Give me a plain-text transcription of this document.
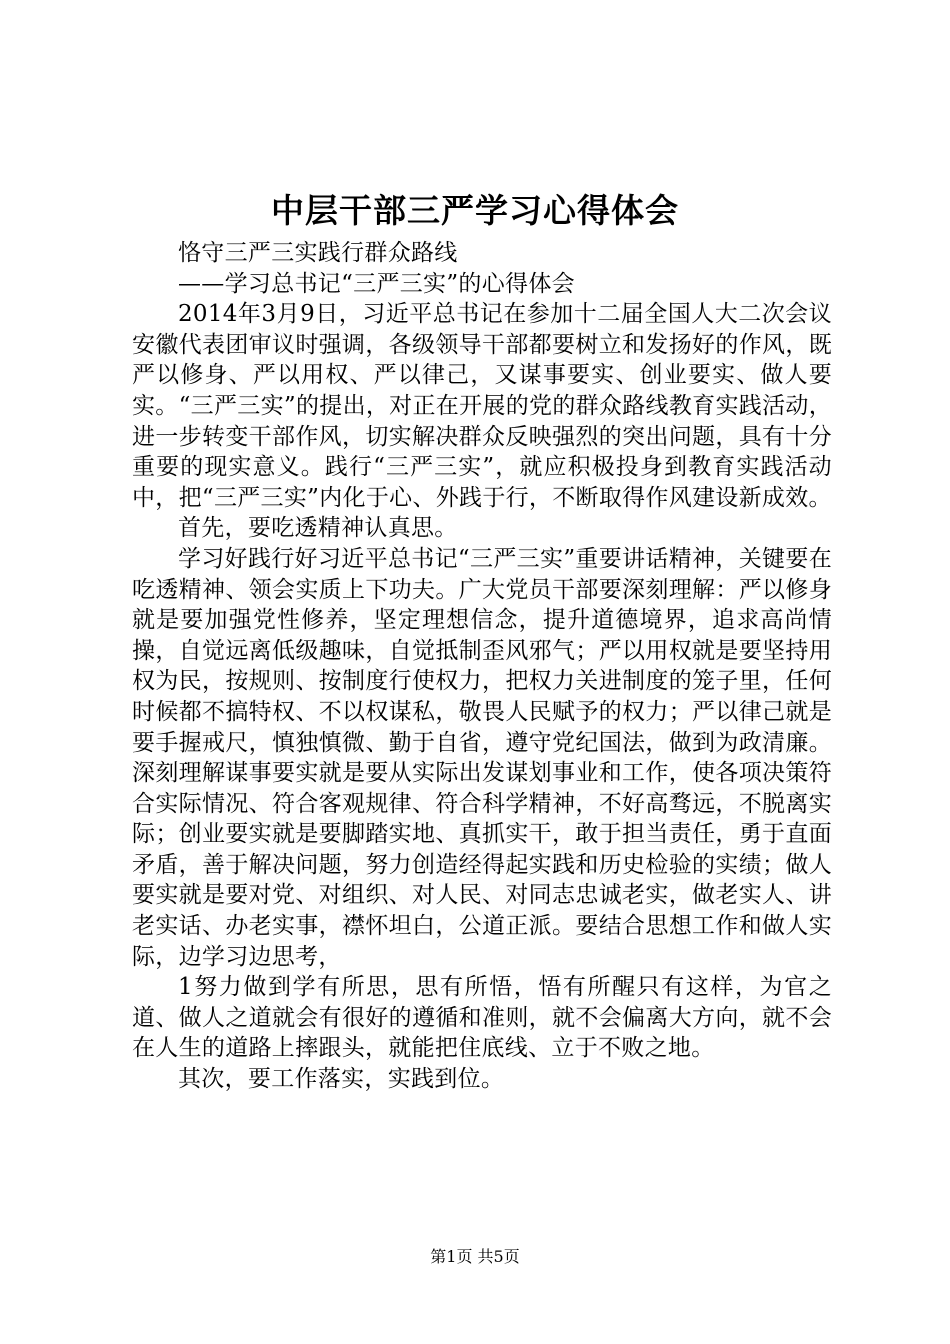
中层干部三严学习心得体会

恪守三严三实践行群众路线

——学习总书记“三严三实”的心得体会

2014年3月9日，习近平总书记在参加十二届全国人大二次会议安徽代表团审议时强调，各级领导干部都要树立和发扬好的作风，既严以修身、严以用权、严以律己，又谋事要实、创业要实、做人要实。“三严三实”的提出，对正在开展的党的群众路线教育实践活动，进一步转变干部作风，切实解决群众反映强烈的突出问题，具有十分重要的现实意义。践行“三严三实”，就应积极投身到教育实践活动中，把“三严三实”内化于心、外践于行，不断取得作风建设新成效。

首先，要吃透精神认真思。

学习好践行好习近平总书记“三严三实”重要讲话精神，关键要在吃透精神、领会实质上下功夫。广大党员干部要深刻理解：严以修身就是要加强党性修养，坚定理想信念，提升道德境界，追求高尚情操，自觉远离低级趣味，自觉抵制歪风邪气；严以用权就是要坚持用权为民，按规则、按制度行使权力，把权力关进制度的笼子里，任何时候都不搞特权、不以权谋私，敬畏人民赋予的权力；严以律己就是要手握戒尺，慎独慎微、勤于自省，遵守党纪国法，做到为政清廉。深刻理解谋事要实就是要从实际出发谋划事业和工作，使各项决策符合实际情况、符合客观规律、符合科学精神，不好高骛远，不脱离实际；创业要实就是要脚踏实地、真抓实干，敢于担当责任，勇于直面矛盾，善于解决问题，努力创造经得起实践和历史检验的实绩；做人要实就是要对党、对组织、对人民、对同志忠诚老实，做老实人、讲老实话、办老实事，襟怀坦白，公道正派。要结合思想工作和做人实际，边学习边思考，

1努力做到学有所思，思有所悟，悟有所醒只有这样，为官之道、做人之道就会有很好的遵循和准则，就不会偏离大方向，就不会在人生的道路上摔跟头，就能把住底线、立于不败之地。

其次，要工作落实，实践到位。

第1页 共5页
